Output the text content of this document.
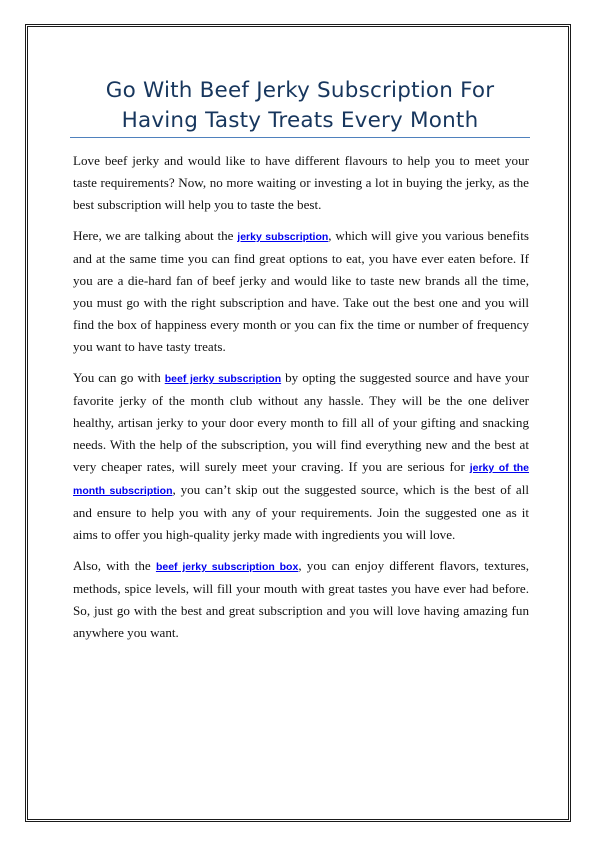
Go With Beef Jerky Subscription For
Having Tasty Treats Every Month

Love beef jerky and would like to have different flavours to help you to meet your taste requirements? Now, no more waiting or investing a lot in buying the jerky, as the best subscription will help you to taste the best.

Here, we are talking about the jerky subscription, which will give you various benefits and at the same time you can find great options to eat, you have ever eaten before. If you are a die-hard fan of beef jerky and would like to taste new brands all the time, you must go with the right subscription and have. Take out the best one and you will find the box of happiness every month or you can fix the time or number of frequency you want to have tasty treats.

You can go with beef jerky subscription by opting the suggested source and have your favorite jerky of the month club without any hassle. They will be the one deliver healthy, artisan jerky to your door every month to fill all of your gifting and snacking needs. With the help of the subscription, you will find everything new and the best at very cheaper rates, will surely meet your craving. If you are serious for jerky of the month subscription, you can’t skip out the suggested source, which is the best of all and ensure to help you with any of your requirements. Join the suggested one as it aims to offer you high-quality jerky made with ingredients you will love.

Also, with the beef jerky subscription box, you can enjoy different flavors, textures, methods, spice levels, will fill your mouth with great tastes you have ever had before. So, just go with the best and great subscription and you will love having amazing fun anywhere you want.
